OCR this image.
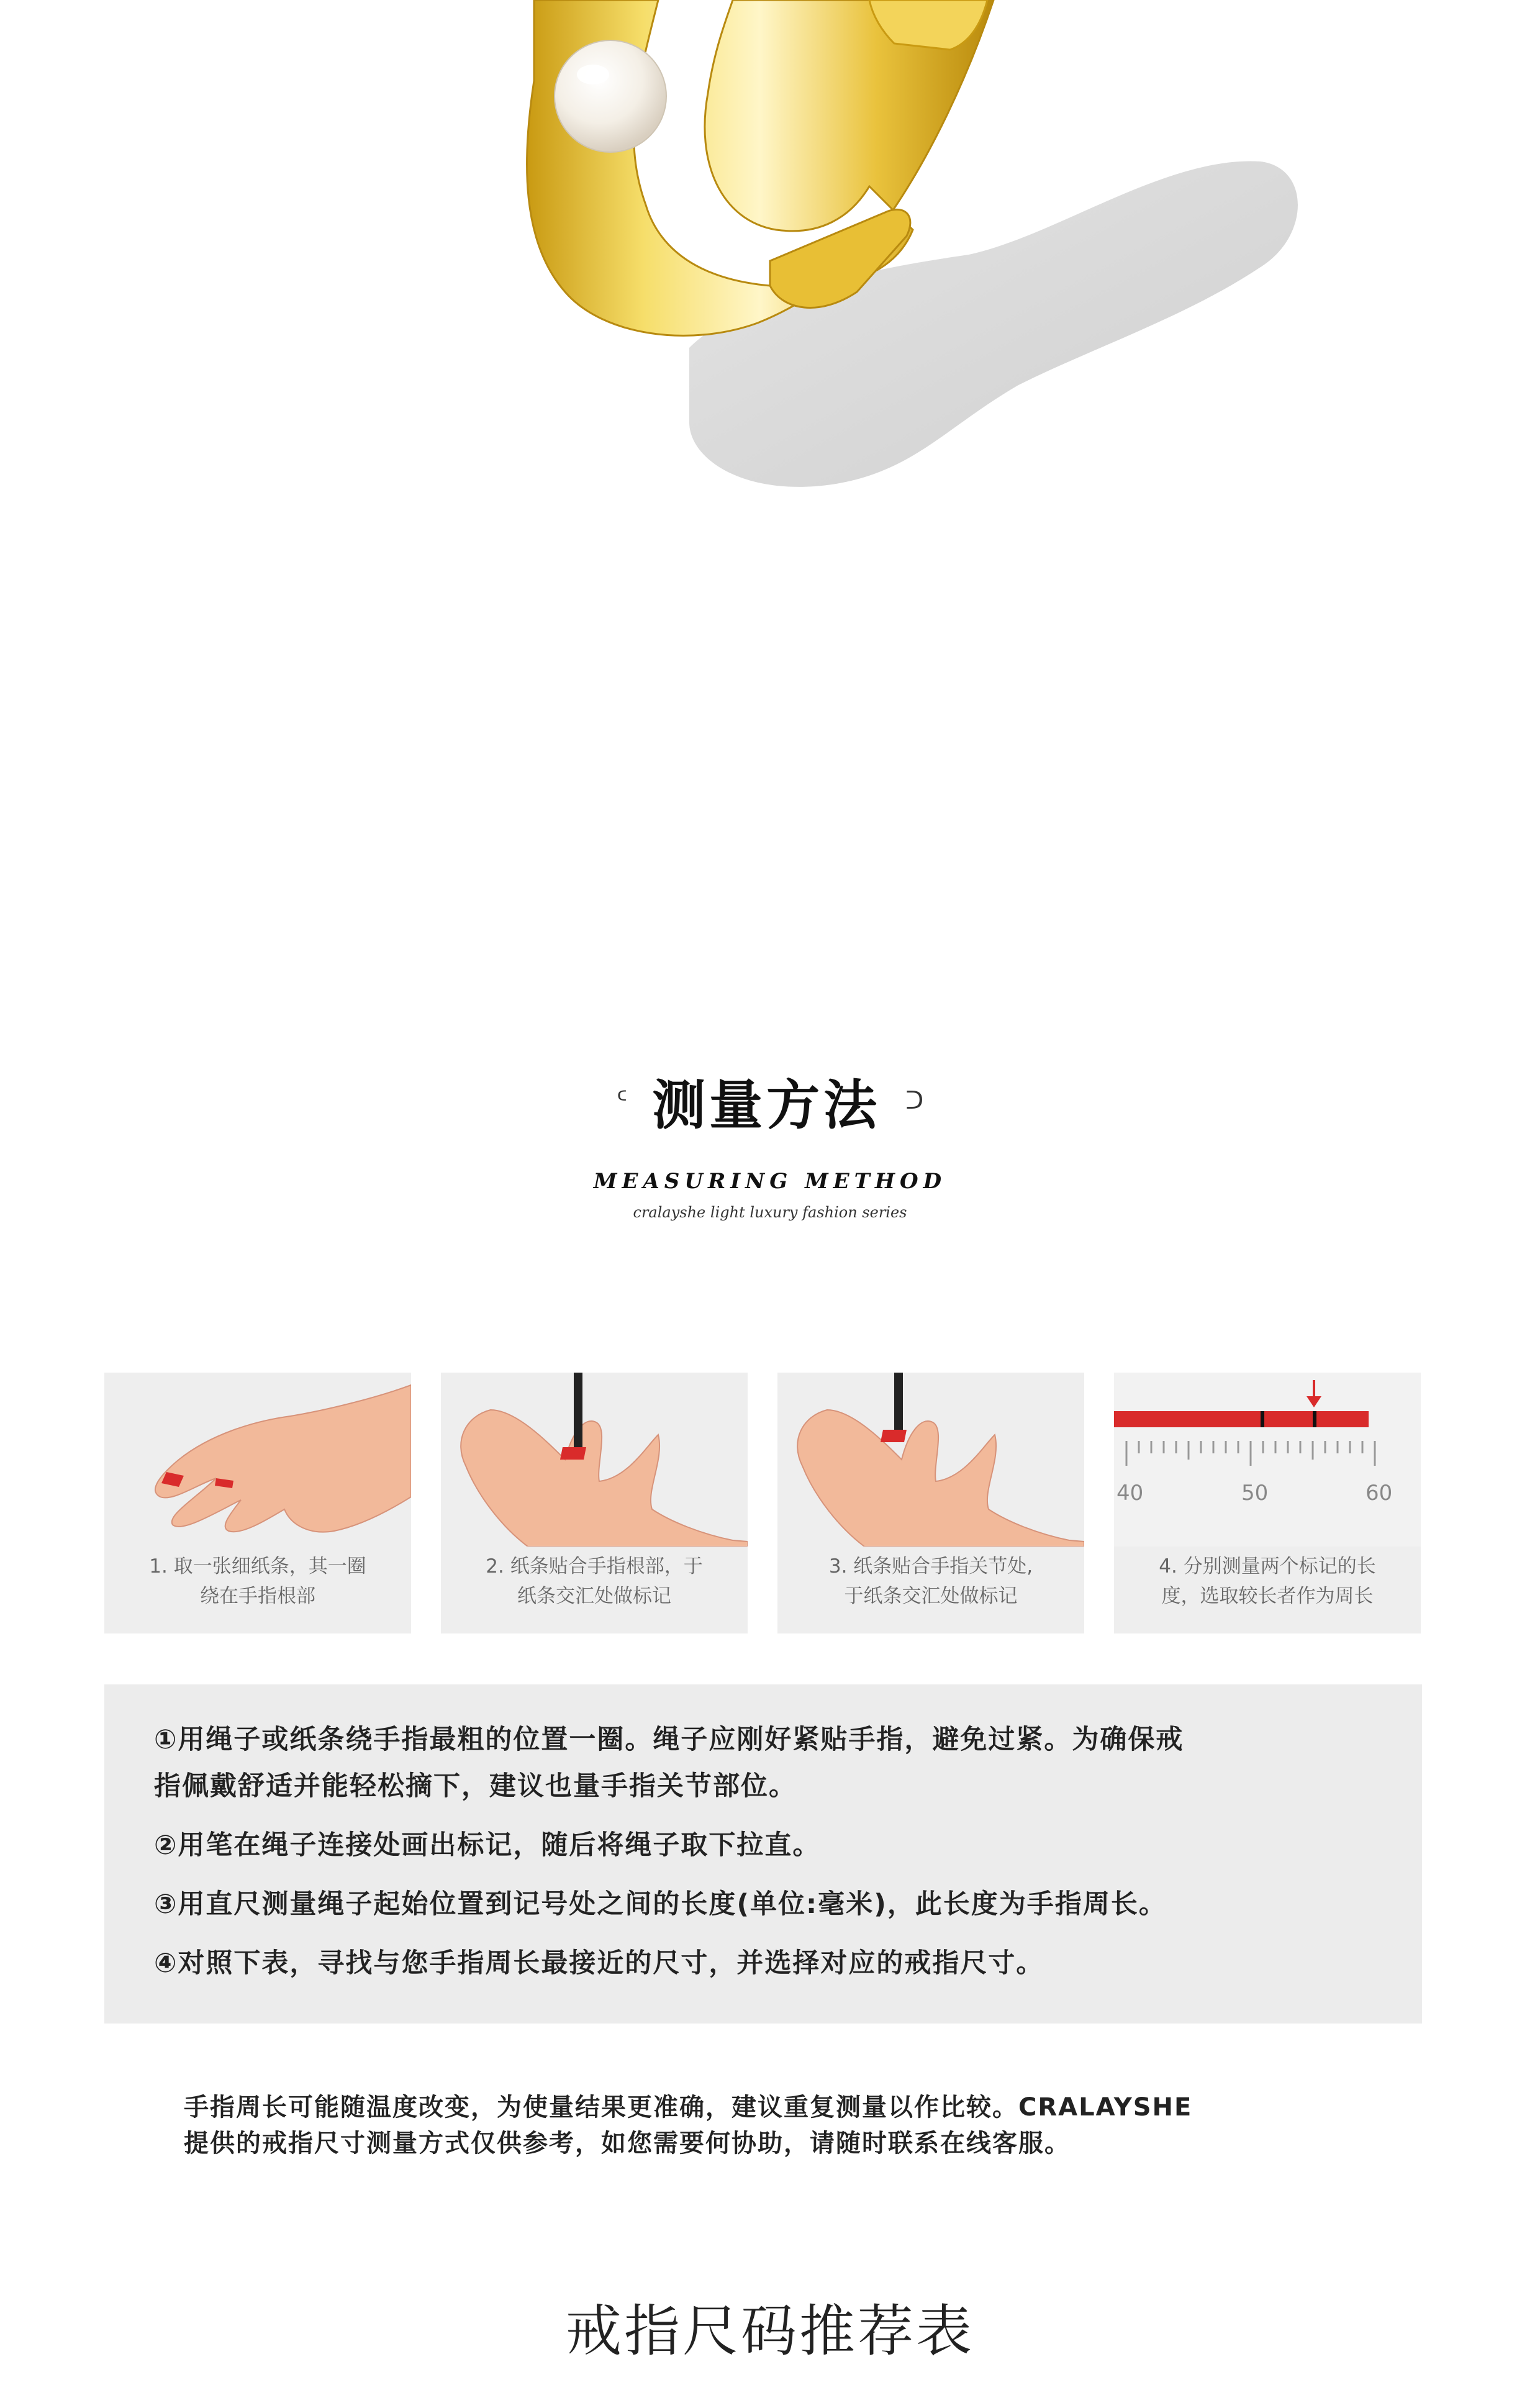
ᑦ 测量方法 ᑐ
MEASURING METHOD
cralayshe light luxury fashion series
1. 取一张细纸条，其一圈
绕在手指根部
2. 纸条贴合手指根部，于
纸条交汇处做标记
3. 纸条贴合手指关节处,
于纸条交汇处做标记
40	50	60
4. 分别测量两个标记的长
度，选取较长者作为周长
①用绳子或纸条绕手指最粗的位置一圈。绳子应刚好紧贴手指，避免过紧。为确保戒
指佩戴舒适并能轻松摘下，建议也量手指关节部位。
②用笔在绳子连接处画出标记，随后将绳子取下拉直。
③用直尺测量绳子起始位置到记号处之间的长度(单位:毫米)，此长度为手指周长。
④对照下表，寻找与您手指周长最接近的尺寸，并选择对应的戒指尺寸。
手指周长可能随温度改变，为使量结果更准确，建议重复测量以作比较。CRALAYSHE
提供的戒指尺寸测量方式仅供参考，如您需要何协助，请随时联系在线客服。
戒指尺码推荐表
